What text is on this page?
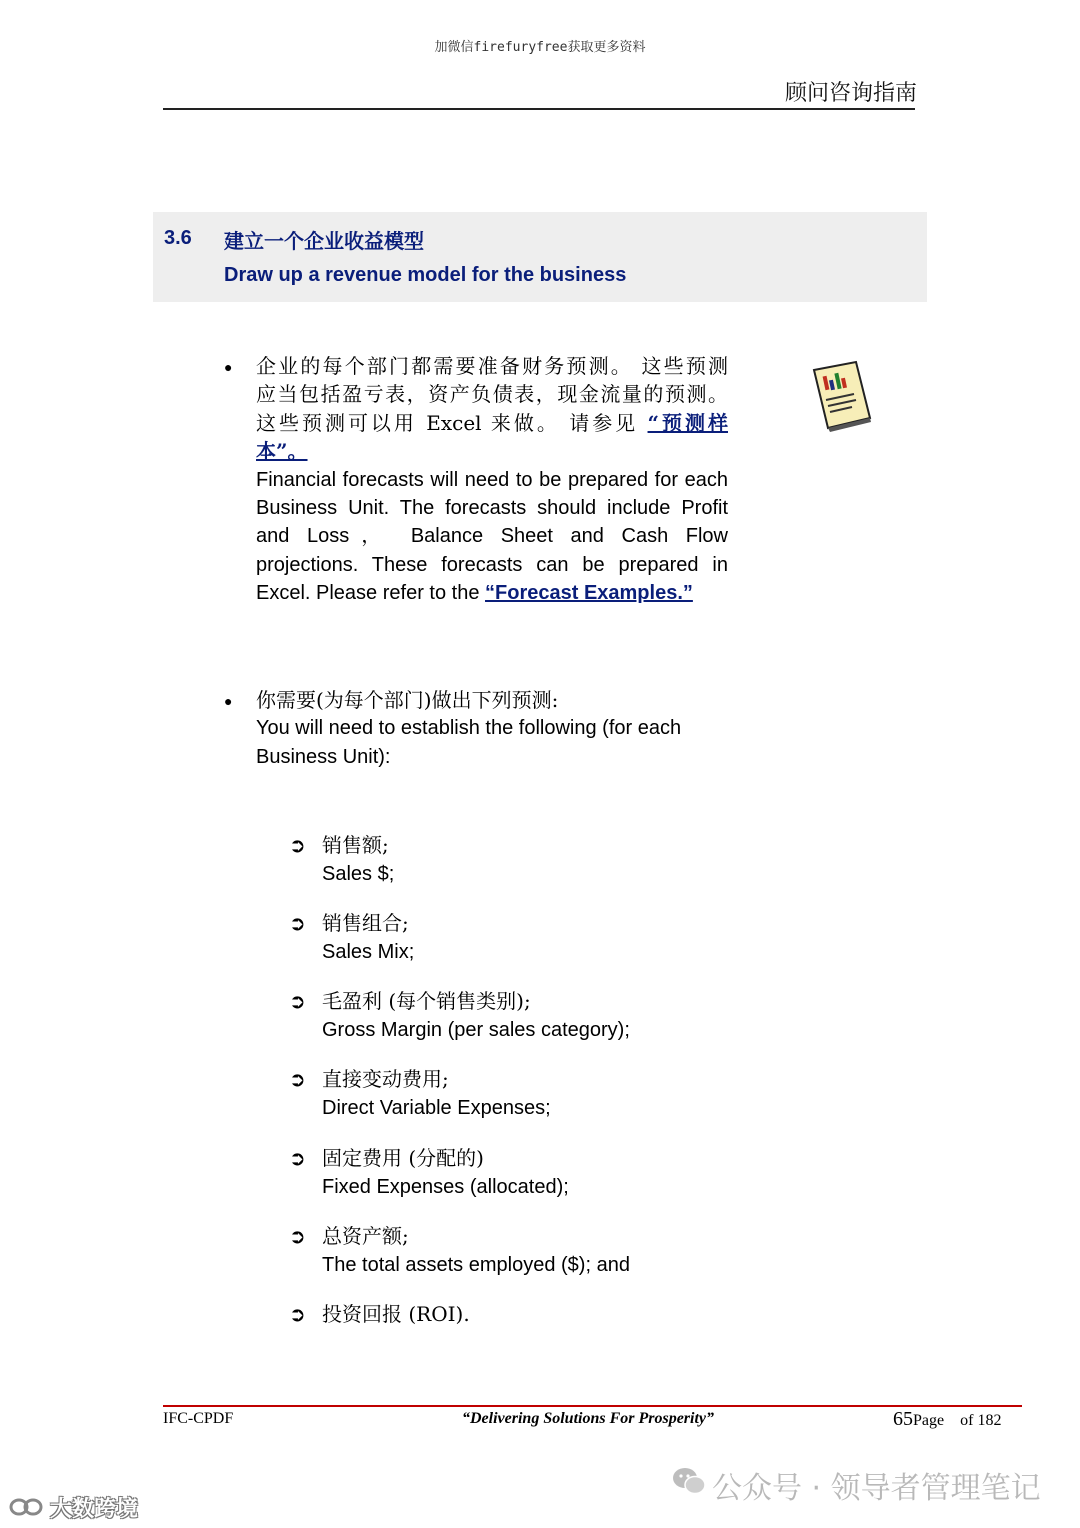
加微信firefuryfree获取更多资料
顾问咨询指南
3.6 建立一个企业收益模型
Draw up a revenue model for the business
● 企业的每个部门都需要准备财务预测。 这些预测
应当包括盈亏表，资产负债表，现金流量的预测。
这些预测可以用 Excel 来做。 请参见 “预测样
本”。
Financial forecasts will need to be prepared for each Business Unit. The forecasts should include Profit and Loss， Balance Sheet and Cash Flow projections. These forecasts can be prepared in Excel. Please refer to the “Forecast Examples.”
● 你需要(为每个部门)做出下列预测:
You will need to establish the following (for each Business Unit):
➲ 销售额;
Sales $;
➲ 销售组合;
Sales Mix;
➲ 毛盈利 (每个销售类别);
Gross Margin (per sales category);
➲ 直接变动费用;
Direct Variable Expenses;
➲ 固定费用 (分配的)
Fixed Expenses (allocated);
➲ 总资产额;
The total assets employed ($); and
➲ 投资回报 (ROI).
IFC-CPDF	“Delivering Solutions For Prosperity”	65Page of 182
公众号 · 领导者管理笔记
大数跨境
